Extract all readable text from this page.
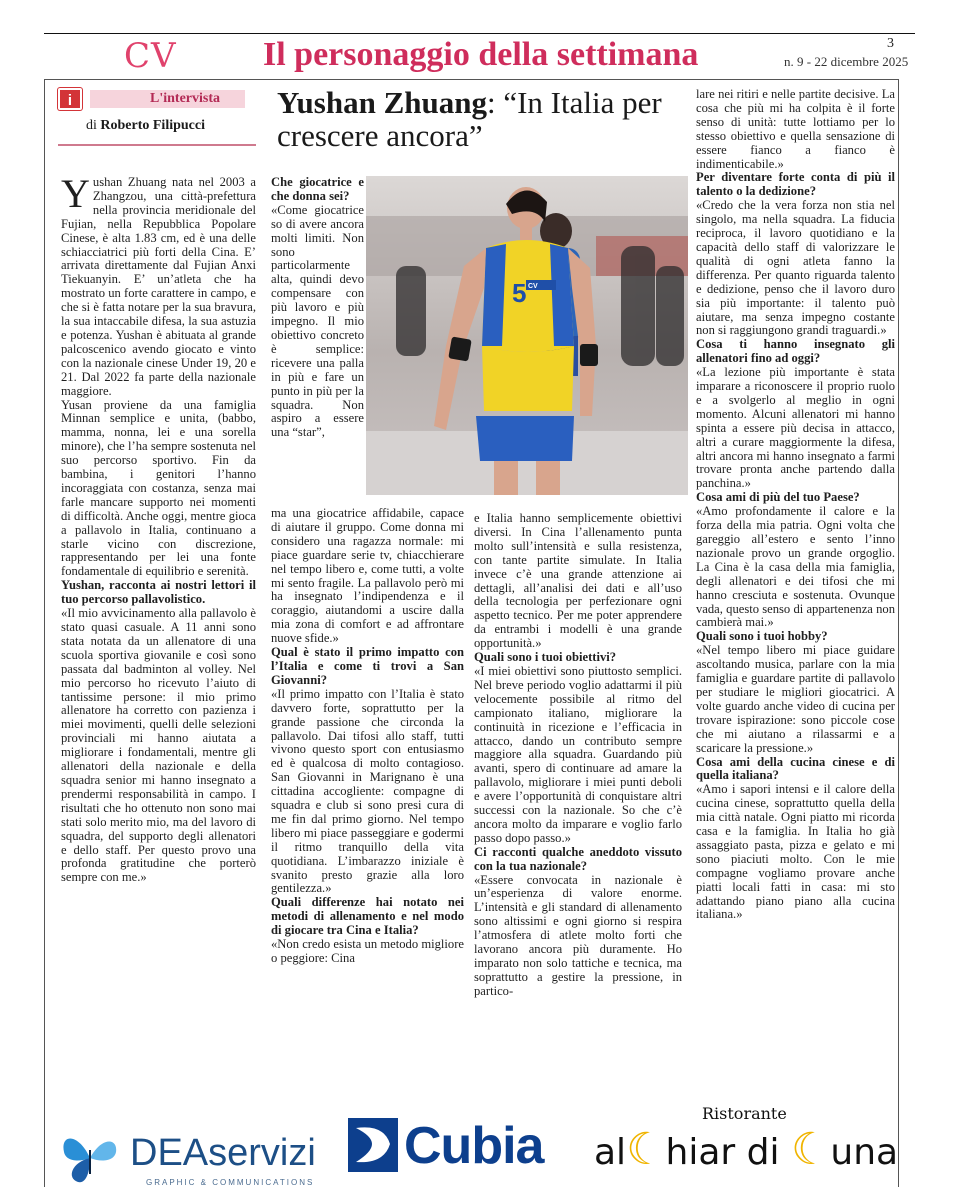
CV	Il personaggio della settimana	3
n. 9 - 22 dicembre 2025
i	L'intervista
di Roberto Filipucci
Yushan Zhuang: “In Italia per crescere ancora”
5 CV

Yushan Zhuang nata nel 2003 a Zhangzou, una città-prefettura nella provincia meridionale del Fujian, nella Repubblica Popolare Cinese, è alta 1.83 cm, ed è una delle schiacciatrici più forti della Cina. E’ arrivata direttamente dal Fujian Anxi Tiekuanyin. E’ un’atleta che ha mostrato un forte carattere in campo, e che si è fatta notare per la sua bravura, la sua intaccabile difesa, la sua astuzia e potenza. Yushan è abituata al grande palcoscenico avendo giocato e vinto con la nazionale cinese Under 19, 20 e 21. Dal 2022 fa parte della nazionale maggiore.

Yusan proviene da una famiglia Minnan semplice e unita, (babbo, mamma, nonna, lei e una sorella minore), che l’ha sempre sostenuta nel suo percorso sportivo. Fin da bambina, i genitori l’hanno incoraggiata con costanza, senza mai farle mancare supporto nei momenti di difficoltà. Anche oggi, mentre gioca a pallavolo in Italia, continuano a starle vicino con discrezione, rappresentando per lei una fonte fondamentale di equilibrio e serenità.

Yushan, racconta ai nostri lettori il tuo percorso pallavolistico.

«Il mio avvicinamento alla pallavolo è stato quasi casuale. A 11 anni sono stata notata da un allenatore di una scuola sportiva giovanile e così sono passata dal badminton al volley. Nel mio percorso ho ricevuto l’aiuto di tantissime persone: il mio primo allenatore ha corretto con pazienza i miei movimenti, quelli delle selezioni provinciali mi hanno aiutata a migliorare i fondamentali, mentre gli allenatori della nazionale e della squadra senior mi hanno insegnato a prendermi responsabilità in campo. I risultati che ho ottenuto non sono mai stati solo merito mio, ma del lavoro di squadra, del supporto degli allenatori e dello staff. Per questo provo una profonda gratitudine che porterò sempre con me.»

Che giocatrice e che donna sei?

«Come giocatrice so di avere ancora molti limiti. Non sono particolarmente alta, quindi devo compensare con più lavoro e più impegno. Il mio obiettivo concreto è semplice: ricevere una palla in più e fare un punto in più per la squadra. Non aspiro a essere una “star”,

ma una giocatrice affidabile, capace di aiutare il gruppo. Come donna mi considero una ragazza normale: mi piace guardare serie tv, chiacchierare nel tempo libero e, come tutti, a volte mi sento fragile. La pallavolo però mi ha insegnato l’indipendenza e il coraggio, aiutandomi a uscire dalla mia zona di comfort e ad affrontare nuove sfide.»

Qual è stato il primo impatto con l’Italia e come ti trovi a San Giovanni?

«Il primo impatto con l’Italia è stato davvero forte, soprattutto per la grande passione che circonda la pallavolo. Dai tifosi allo staff, tutti vivono questo sport con entusiasmo ed è qualcosa di molto contagioso. San Giovanni in Marignano è una cittadina accogliente: compagne di squadra e club si sono presi cura di me fin dal primo giorno. Nel tempo libero mi piace passeggiare e godermi il ritmo tranquillo della vita quotidiana. L’imbarazzo iniziale è svanito presto grazie alla loro gentilezza.»

Quali differenze hai notato nei metodi di allenamento e nel modo di giocare tra Cina e Italia?

«Non credo esista un metodo migliore o peggiore: Cina

e Italia hanno semplicemente obiettivi diversi. In Cina l’allenamento punta molto sull’intensità e sulla resistenza, con tante partite simulate. In Italia invece c’è una grande attenzione ai dettagli, all’analisi dei dati e all’uso della tecnologia per perfezionare ogni aspetto tecnico. Per me poter apprendere da entrambi i modelli è una grande opportunità.»

Quali sono i tuoi obiettivi?

«I miei obiettivi sono piuttosto semplici. Nel breve periodo voglio adattarmi il più velocemente possibile al ritmo del campionato italiano, migliorare la continuità in ricezione e l’efficacia in attacco, dando un contributo sempre maggiore alla squadra. Guardando più avanti, spero di continuare ad amare la pallavolo, migliorare i miei punti deboli e avere l’opportunità di conquistare altri successi con la nazionale. So che c’è ancora molto da imparare e voglio farlo passo dopo passo.»

Ci racconti qualche aneddoto vissuto con la tua nazionale?

«Essere convocata in nazionale è un’esperienza di valore enorme. L’intensità e gli standard di allenamento sono altissimi e ogni giorno si respira l’atmosfera di atlete molto forti che lavorano ancora più duramente. Ho imparato non solo tattiche e tecnica, ma soprattutto a gestire la pressione, in partico-

lare nei ritiri e nelle partite decisive. La cosa che più mi ha colpita è il forte senso di unità: tutte lottiamo per lo stesso obiettivo e quella sensazione di essere fianco a fianco è indimenticabile.»

Per diventare forte conta di più il talento o la dedizione?

«Credo che la vera forza non stia nel singolo, ma nella squadra. La fiducia reciproca, il lavoro quotidiano e la capacità dello staff di valorizzare le qualità di ogni atleta fanno la differenza. Per quanto riguarda talento e dedizione, penso che il lavoro duro sia più importante: il talento può aiutare, ma senza impegno costante non si raggiungono grandi traguardi.»

Cosa ti hanno insegnato gli allenatori fino ad oggi?

«La lezione più importante è stata imparare a riconoscere il proprio ruolo e a svolgerlo al meglio in ogni momento. Alcuni allenatori mi hanno spinta a essere più decisa in attacco, altri a curare maggiormente la difesa, altri ancora mi hanno insegnato a farmi trovare pronta anche partendo dalla panchina.»

Cosa ami di più del tuo Paese?

«Amo profondamente il calore e la forza della mia patria. Ogni volta che gareggio all’estero e sento l’inno nazionale provo un grande orgoglio. La Cina è la casa della mia famiglia, degli allenatori e dei tifosi che mi hanno cresciuta e sostenuta. Ovunque vada, questo senso di appartenenza non cambierà mai.»

Quali sono i tuoi hobby?

«Nel tempo libero mi piace guidare ascoltando musica, parlare con la mia famiglia e guardare partite di pallavolo per studiare le migliori giocatrici. A volte guardo anche video di cucina per trovare ispirazione: sono piccole cose che mi aiutano a rilassarmi e a scaricare la pressione.»

Cosa ami della cucina cinese e di quella italiana?

«Amo i sapori intensi e il calore della cucina cinese, soprattutto quella della mia città natale. Ogni piatto mi ricorda casa e la famiglia. In Italia ho già assaggiato pasta, pizza e gelato e mi sono piaciuti molto. Con le mie compagne vogliamo provare anche piatti locali fatti in casa: mi sto adattando piano piano alla cucina italiana.»

DEAservizi
GRAPHIC & COMMUNICATIONS
Cubia
Ristorante
al☾hiar di ☾una
